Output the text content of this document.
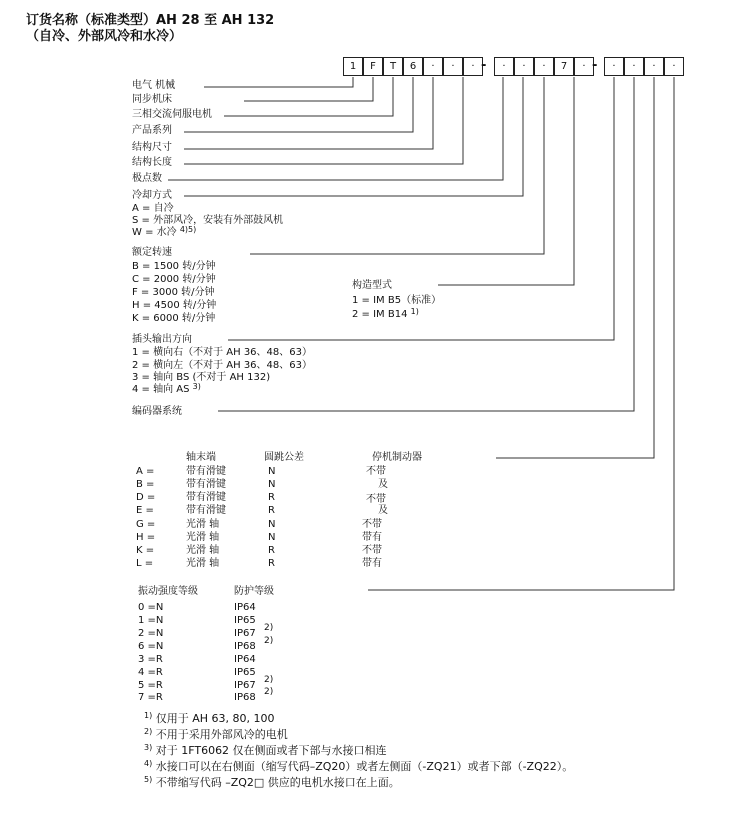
订货名称（标准类型）AH 28 至 AH 132
（自冷、外部风冷和水冷）
1	F	T	6	·	·	· -	·	·	·	7	· -	·	·	·	·
电气 机械
同步机床
三相交流伺服电机
产品系列
结构尺寸
结构长度
极点数
冷却方式
A = 自冷
S = 外部风冷，安装有外部鼓风机
W = 水冷 $^{4)5)}$
额定转速
B = 1500 转/分钟
C = 2000 转/分钟
F = 3000 转/分钟
H = 4500 转/分钟
K = 6000 转/分钟
构造型式
1 = IM B5（标准）
2 = IM B14 $^{1)}$
插头输出方向
1 = 横向右（不对于 AH 36、48、63）
2 = 横向左（不对于 AH 36、48、63）
3 = 轴向 BS (不对于 AH 132)
4 = 轴向 AS $^{3)}$
编码器系统
轴末端	圆跳公差	停机制动器
A =	带有滑键	N	不带
B =	带有滑键	N	及
D =	带有滑键	R	不带
E =	带有滑键	R	及
G =	光滑 轴	N	不带
H =	光滑 轴	N	带有
K =	光滑 轴	R	不带
L =	光滑 轴	R	带有
振动强度等级	防护等级
0 =N	IP64
1 =N	IP65
2 =N	IP67 2)
6 =N	IP68 2)
3 =R	IP64
4 =R	IP65
5 =R	IP67 2)
7 =R	IP68 2)
$^{1)}$ 仅用于 AH 63, 80, 100
$^{2)}$ 不用于采用外部风冷的电机
$^{3)}$ 对于 1FT6062 仅在侧面或者下部与水接口相连
$^{4)}$ 水接口可以在右侧面（缩写代码–ZQ20）或者左侧面（-ZQ21）或者下部（-ZQ22）。
$^{5)}$ 不带缩写代码 –ZQ2□ 供应的电机水接口在上面。
